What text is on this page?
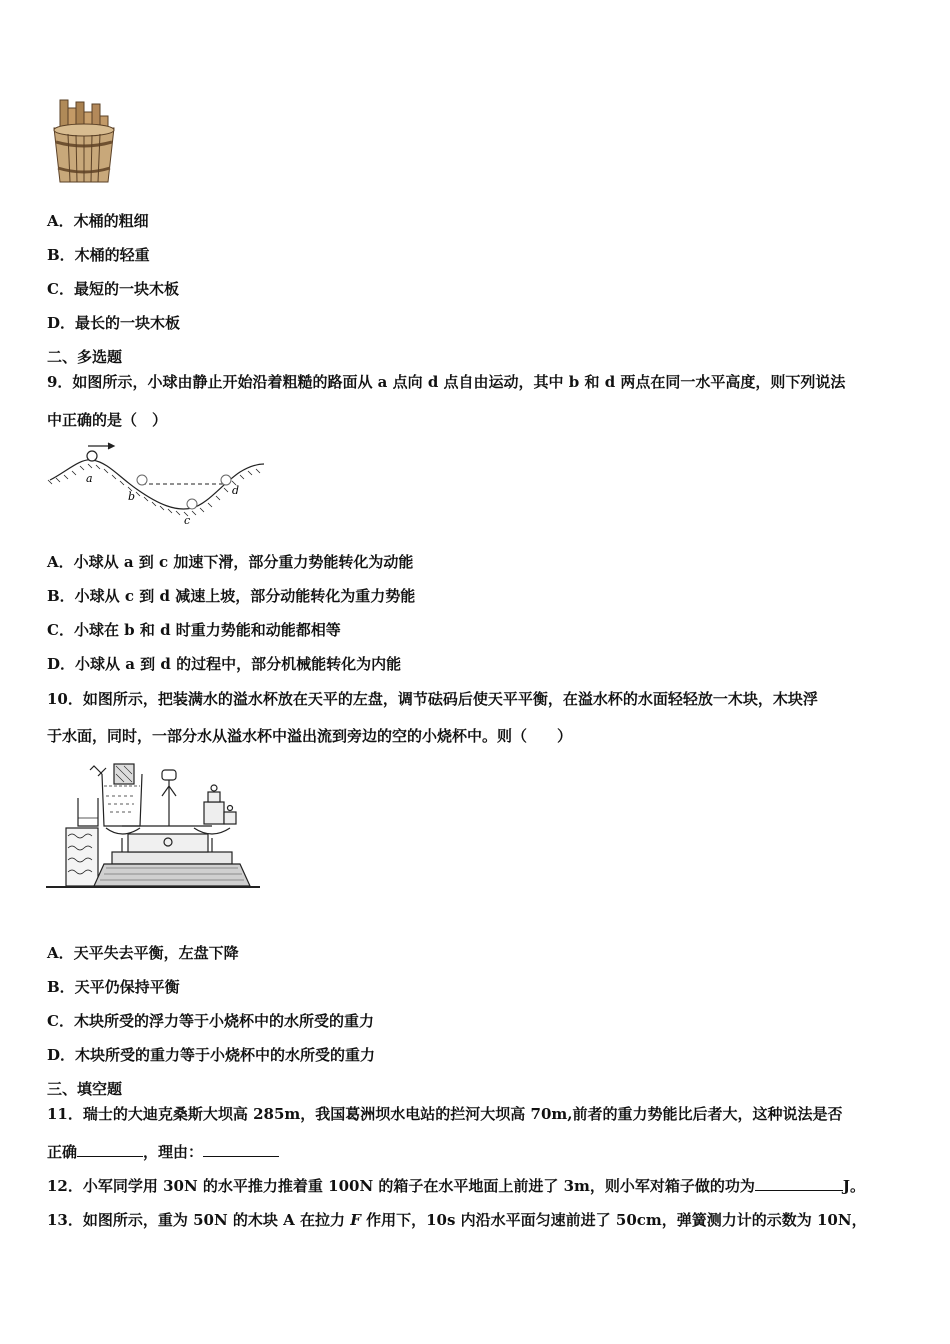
A．木桶的粗细
B．木桶的轻重
C．最短的一块木板
D．最长的一块木板
二、多选题
9．如图所示，小球由静止开始沿着粗糙的路面从 a 点向 d 点自由运动，其中 b 和 d 两点在同一水平高度，则下列说法
中正确的是（　）
a
b
c
d
A．小球从 a 到 c 加速下滑，部分重力势能转化为动能
B．小球从 c 到 d 减速上坡，部分动能转化为重力势能
C．小球在 b 和 d 时重力势能和动能都相等
D．小球从 a 到 d 的过程中，部分机械能转化为内能
10．如图所示，把装满水的溢水杯放在天平的左盘，调节砝码后使天平平衡，在溢水杯的水面轻轻放一木块，木块浮
于水面，同时，一部分水从溢水杯中溢出流到旁边的空的小烧杯中。则（　　）
A．天平失去平衡，左盘下降
B．天平仍保持平衡
C．木块所受的浮力等于小烧杯中的水所受的重力
D．木块所受的重力等于小烧杯中的水所受的重力
三、填空题
11．瑞士的大迪克桑斯大坝高 285m，我国葛洲坝水电站的拦河大坝高 70m,前者的重力势能比后者大，这种说法是否
正确	，理由：
12．小军同学用 30N 的水平推力推着重 100N 的箱子在水平地面上前进了 3m，则小军对箱子做的功为	J。
13．如图所示，重为 50N 的木块 A 在拉力 F 作用下，10s 内沿水平面匀速前进了 50cm，弹簧测力计的示数为 10N，
